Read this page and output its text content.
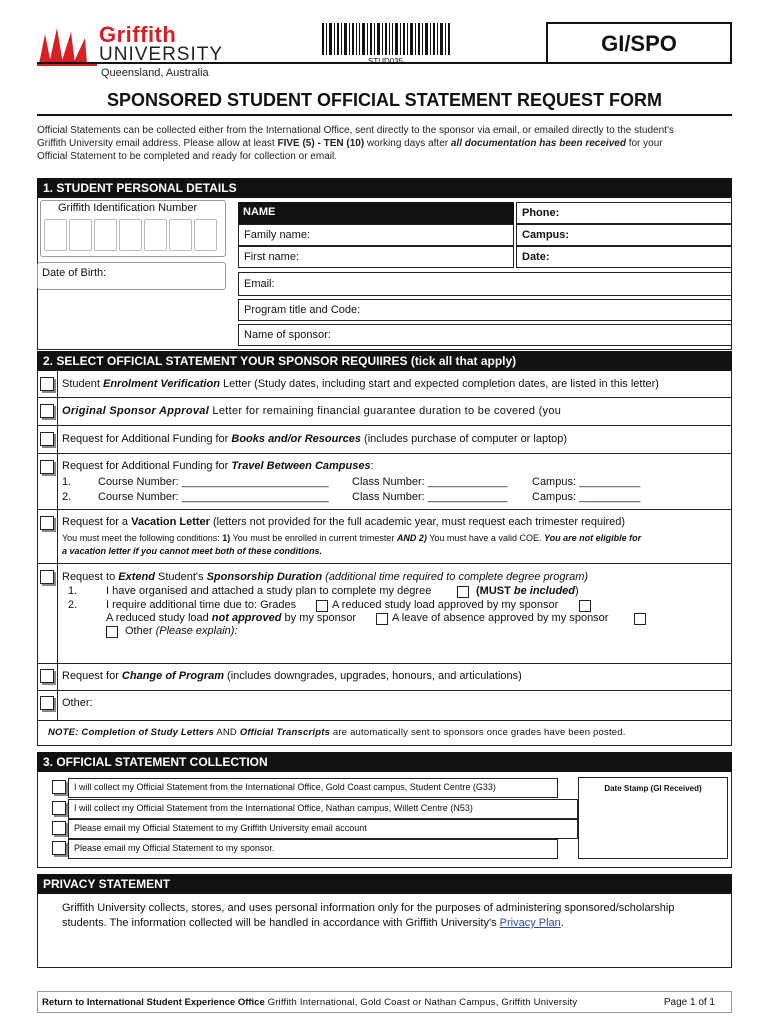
Griffith
UNIVERSITY
Queensland, Australia
STUD035
GI/SPO
SPONSORED STUDENT OFFICIAL STATEMENT REQUEST FORM
Official Statements can be collected either from the International Office, sent directly to the sponsor via email, or emailed directly to the student's
Griffith University email address. Please allow at least FIVE (5) - TEN (10) working days after all documentation has been received for your
Official Statement to be completed and ready for collection or email.
1. STUDENT PERSONAL DETAILS
Griffith Identification Number
Date of Birth:
NAME
Family name:
First name:
Phone:
Campus:
Date:
Email:
Program title and Code:
Name of sponsor:
2. SELECT OFFICIAL STATEMENT YOUR SPONSOR REQUIIRES (tick all that apply)
Student Enrolment Verification Letter (Study dates, including start and expected completion dates, are listed in this letter)
Original Sponsor Approval Letter for remaining financial guarantee duration to be covered (you
Request for Additional Funding for Books and/or Resources (includes purchase of computer or laptop)
Request for Additional Funding for Travel Between Campuses:
1. Course Number: ________________________ Class Number: _____________ Campus: __________
2. Course Number: ________________________ Class Number: _____________ Campus: __________
Request for a Vacation Letter (letters not provided for the full academic year, must request each trimester required)
You must meet the following conditions: 1) You must be enrolled in current trimester AND 2) You must have a valid COE. You are not eligible for
a vacation letter if you cannot meet both of these conditions.
Request to Extend Student's Sponsorship Duration (additional time required to complete degree program)
1.	I have organised and attached a study plan to complete my degree	(MUST be included)
2.	I require additional time due to: Grades	A reduced study load approved by my sponsor
A reduced study load not approved by my sponsor	A leave of absence approved by my sponsor
Other (Please explain):
Request for Change of Program (includes downgrades, upgrades, honours, and articulations)
Other:
NOTE: Completion of Study Letters AND Official Transcripts are automatically sent to sponsors once grades have been posted.
3. OFFICIAL STATEMENT COLLECTION
I will collect my Official Statement from the International Office, Gold Coast campus, Student Centre (G33)
I will collect my Official Statement from the International Office, Nathan campus, Willett Centre (N53)
Please email my Official Statement to my Griffith University email account
Please email my Official Statement to my sponsor.
Date Stamp (GI Received)
PRIVACY STATEMENT
Griffith University collects, stores, and uses personal information only for the purposes of administering sponsored/scholarship
students. The information collected will be handled in accordance with Griffith University's Privacy Plan.
Return to International Student Experience Office Griffith International, Gold Coast or Nathan Campus, Griffith University	Page 1 of 1
